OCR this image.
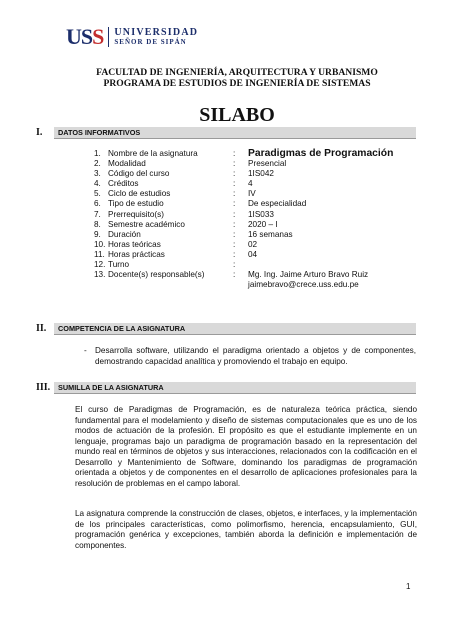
U S S UNIVERSIDAD
SEÑOR DE SIPÁN
FACULTAD DE INGENIERÍA, ARQUITECTURA Y URBANISMO
PROGRAMA DE ESTUDIOS DE INGENIERÍA DE SISTEMAS
SILABO
I.	DATOS INFORMATIVOS
1. Nombre de la asignatura	:	Paradigmas de Programación
2. Modalidad	:	Presencial
3. Código del curso	:	1IS042
4. Créditos	:	4
5. Ciclo de estudios	:	IV
6. Tipo de estudio	:	De especialidad
7. Prerrequisito(s)	:	1IS033
8. Semestre académico	:	2020 – I
9. Duración	:	16 semanas
10. Horas teóricas	:	02
11. Horas prácticas	:	04
12. Turno	:
13. Docente(s) responsable(s)	:	Mg. Ing. Jaime Arturo Bravo Ruiz
jaimebravo@crece.uss.edu.pe
II.	COMPETENCIA DE LA ASIGNATURA
- Desarrolla software, utilizando el paradigma orientado a objetos y de componentes, demostrando capacidad analítica y promoviendo el trabajo en equipo.
III.	SUMILLA DE LA ASIGNATURA
El curso de Paradigmas de Programación, es de naturaleza teórica práctica, siendo fundamental para el modelamiento y diseño de sistemas computacionales que es uno de los modos de actuación de la profesión. El propósito es que el estudiante implemente en un lenguaje, programas bajo un paradigma de programación basado en la representación del mundo real en términos de objetos y sus interacciones, relacionados con la codificación en el Desarrollo y Mantenimiento de Software, dominando los paradigmas de programación orientada a objetos y de componentes en el desarrollo de aplicaciones profesionales para la resolución de problemas en el campo laboral.
La asignatura comprende la construcción de clases, objetos, e interfaces, y la implementación de los principales características, como polimorfismo, herencia, encapsulamiento, GUI, programación genérica y excepciones, también aborda la definición e implementación de componentes.
1
